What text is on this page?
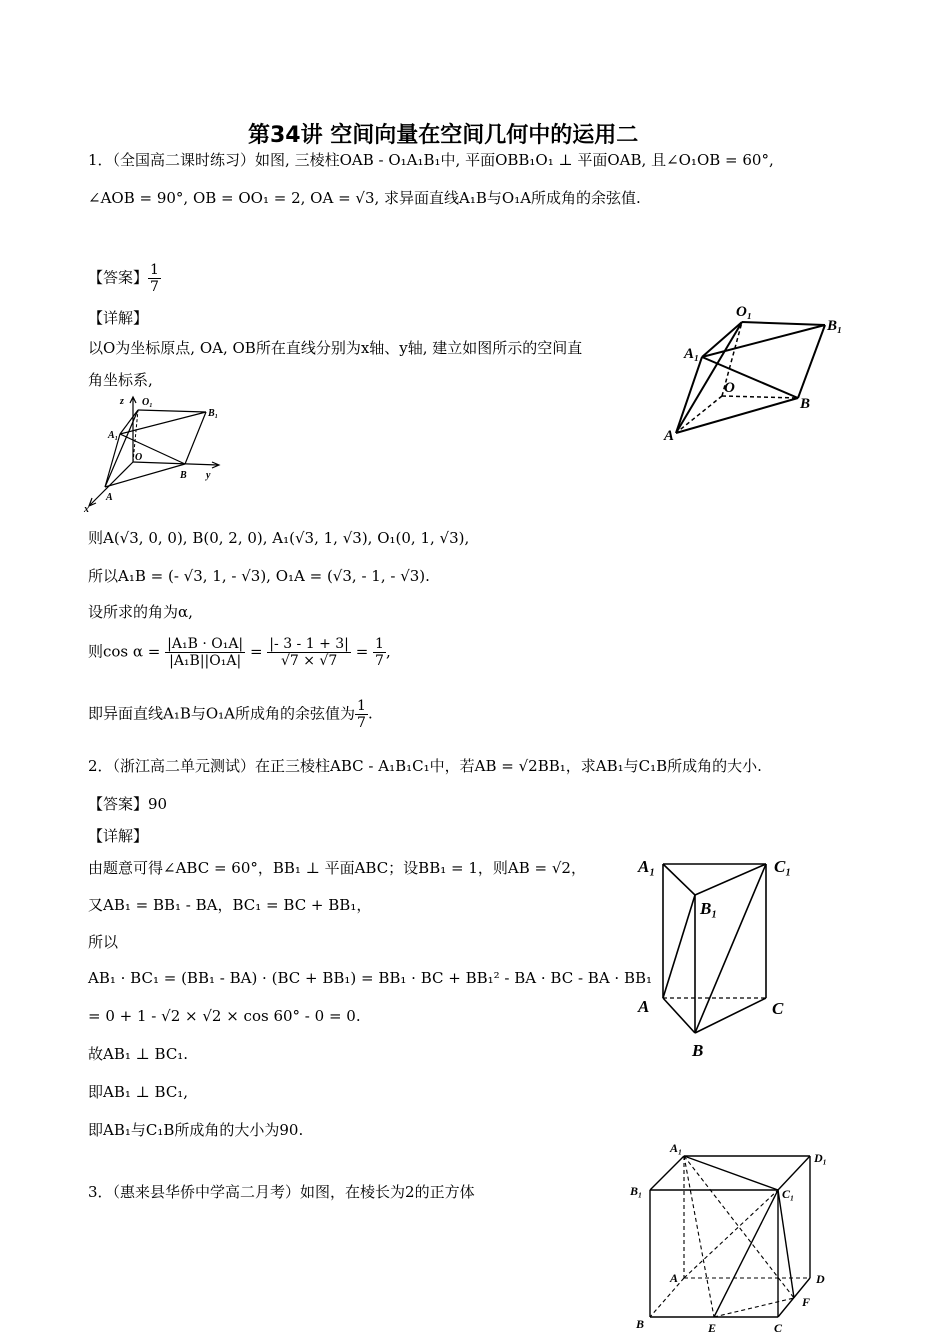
第34讲 空间向量在空间几何中的运用二
1．（全国高二课时练习）如图, 三棱柱OAB - O₁A₁B₁中, 平面OBB₁O₁ ⊥ 平面OAB, 且∠O₁OB = 60°,
∠AOB = 90°, OB = OO₁ = 2, OA = √3, 求异面直线A₁B与O₁A所成角的余弦值.
【答案】 $\frac{1}{7}$
【详解】
以O为坐标原点, OA, OB所在直线分别为x轴、y轴, 建立如图所示的空间直
角坐标系,
则A(√3, 0, 0), B(0, 2, 0), A₁(√3, 1, √3), O₁(0, 1, √3),
所以A₁B = (- √3, 1, - √3), O₁A = (√3, - 1, - √3).
设所求的角为α,
则$\cos \alpha = \frac{\text{|A₁B · O₁A|}}{\text{|A₁B||O₁A|}} = \frac{|- 3 - 1 + 3|}{√7 \times √7} = \frac{1}{7}$ ,
即异面直线A₁B与O₁A所成角的余弦值为 $\frac{1}{7}$ .
2．（浙江高二单元测试）在正三棱柱ABC - A₁B₁C₁中，若AB = √2BB₁，求AB₁与C₁B所成角的大小.
【答案】90
【详解】
由题意可得∠ABC = 60°，BB₁ ⊥ 平面ABC；设BB₁ = 1，则AB = √2，
又AB₁ = BB₁ - BA，BC₁ = BC + BB₁，
所以
AB₁ · BC₁ = (BB₁ - BA) · (BC + BB₁) = BB₁ · BC + BB₁² - BA · BC - BA · BB₁
= 0 + 1 - √2 × √2 × cos 60° - 0 = 0.
故AB₁ ⊥ BC₁.
即AB₁ ⊥ BC₁,
即AB₁与C₁B所成角的大小为90.
3．（惠来县华侨中学高二月考）如图，在棱长为2的正方体
O₁
B₁
A₁
O
B
A
z O₁
B₁
A₁
O
B y
A
x
A₁	C₁
B₁
A	C
B
A₁
D₁
B₁	C₁
A	D
F
B	E	C
